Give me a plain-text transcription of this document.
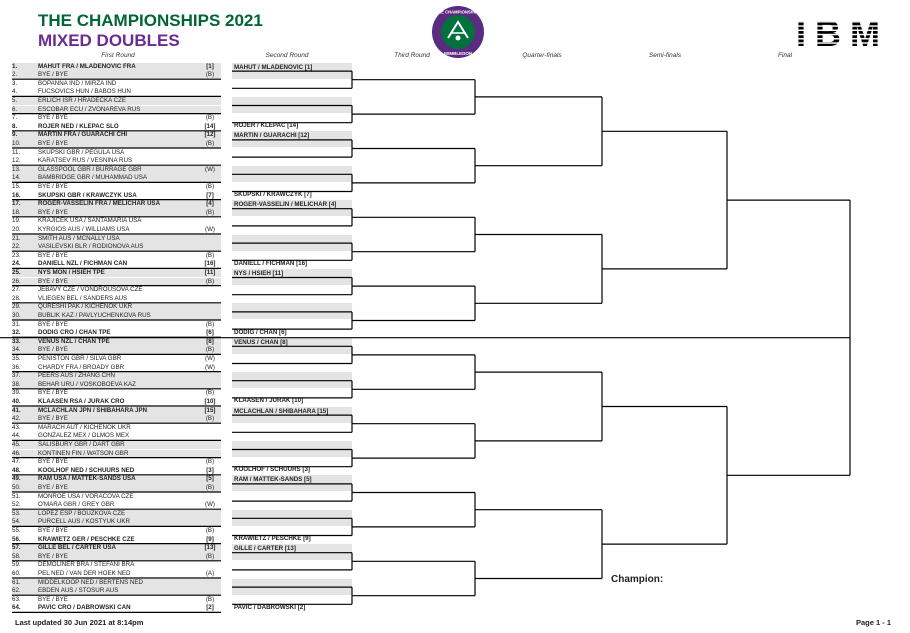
THE CHAMPIONSHIPS 2021
MIXED DOUBLES
THE CHAMPIONSHIPS
WIMBLEDON	IBM
First Round	Second Round	Third Round	Quarter-finals	Semi-finals	Final
1.	MAHUT FRA / MLADENOVIC FRA	[1]
2.	BYE / BYE	(B)
3.	BOPANNA IND / MIRZA IND
4.	FUCSOVICS HUN / BABOS HUN
5.	ERLICH ISR / HRADECKA CZE
6.	ESCOBAR ECU / ZVONAREVA RUS
7.	BYE / BYE	(B)
8.	ROJER NED / KLEPAC SLO	[14]
9.	MARTIN FRA / GUARACHI CHI	[12]
10.	BYE / BYE	(B)
11.	SKUPSKI GBR / PEGULA USA
12.	KARATSEV RUS / VESNINA RUS
13.	GLASSPOOL GBR / BURRAGE GBR	(W)
14.	BAMBRIDGE GBR / MUHAMMAD USA
15.	BYE / BYE	(B)
16.	SKUPSKI GBR / KRAWCZYK USA	[7]
17.	ROGER-VASSELIN FRA / MELICHAR USA	[4]
18.	BYE / BYE	(B)
19.	KRAJICEK USA / SANTAMARIA USA
20.	KYRGIOS AUS / WILLIAMS USA	(W)
21.	SMITH AUS / MCNALLY USA
22.	VASILEVSKI BLR / RODIONOVA AUS
23.	BYE / BYE	(B)
24.	DANIELL NZL / FICHMAN CAN	[16]
25.	NYS MON / HSIEH TPE	[11]
26.	BYE / BYE	(B)
27.	JEBAVY CZE / VONDROUSOVA CZE
28.	VLIEGEN BEL / SANDERS AUS
29.	QURESHI PAK / KICHENOK UKR
30.	BUBLIK KAZ / PAVLYUCHENKOVA RUS
31.	BYE / BYE	(B)
32.	DODIG CRO / CHAN TPE	[6]
33.	VENUS NZL / CHAN TPE	[8]
34.	BYE / BYE	(B)
35.	PENISTON GBR / SILVA GBR	(W)
36.	CHARDY FRA / BROADY GBR	(W)
37.	PEERS AUS / ZHANG CHN
38.	BEHAR URU / VOSKOBOEVA KAZ
39.	BYE / BYE	(B)
40.	KLAASEN RSA / JURAK CRO	[10]
41.	MCLACHLAN JPN / SHIBAHARA JPN	[15]
42.	BYE / BYE	(B)
43.	MARACH AUT / KICHENOK UKR
44.	GONZALEZ MEX / OLMOS MEX
45.	SALISBURY GBR / DART GBR
46.	KONTINEN FIN / WATSON GBR
47.	BYE / BYE	(B)
48.	KOOLHOF NED / SCHUURS NED	[3]
49.	RAM USA / MATTEK-SANDS USA	[5]
50.	BYE / BYE	(B)
51.	MONROE USA / VORACOVA CZE
52.	O'MARA GBR / GREY GBR	(W)
53.	LOPEZ ESP / BOUZKOVA CZE
54.	PURCELL AUS / KOSTYUK UKR
55.	BYE / BYE	(B)
56.	KRAWIETZ GER / PESCHKE CZE	[9]
57.	GILLE BEL / CARTER USA	[13]
58.	BYE / BYE	(B)
59.	DEMOLINER BRA / STEFANI BRA
60.	PEL NED / VAN DER HOEK NED	(A)
61.	MIDDELKOOP NED / BERTENS NED
62.	EBDEN AUS / STOSUR AUS
63.	BYE / BYE	(B)
64.	PAVIC CRO / DABROWSKI CAN	[2]
MAHUT / MLADENOVIC [1]
ROJER / KLEPAC [14]
MARTIN / GUARACHI [12]
SKUPSKI / KRAWCZYK [7]
ROGER-VASSELIN / MELICHAR [4]
DANIELL / FICHMAN [16]
NYS / HSIEH [11]
DODIG / CHAN [6]
VENUS / CHAN [8]
KLAASEN / JURAK [10]
MCLACHLAN / SHIBAHARA [15]
KOOLHOF / SCHUURS [3]
RAM / MATTEK-SANDS [5]
KRAWIETZ / PESCHKE [9]
GILLE / CARTER [13]
PAVIC / DABROWSKI [2]
Champion:
Last updated 30 Jun 2021 at 8:14pm	Page 1 - 1
